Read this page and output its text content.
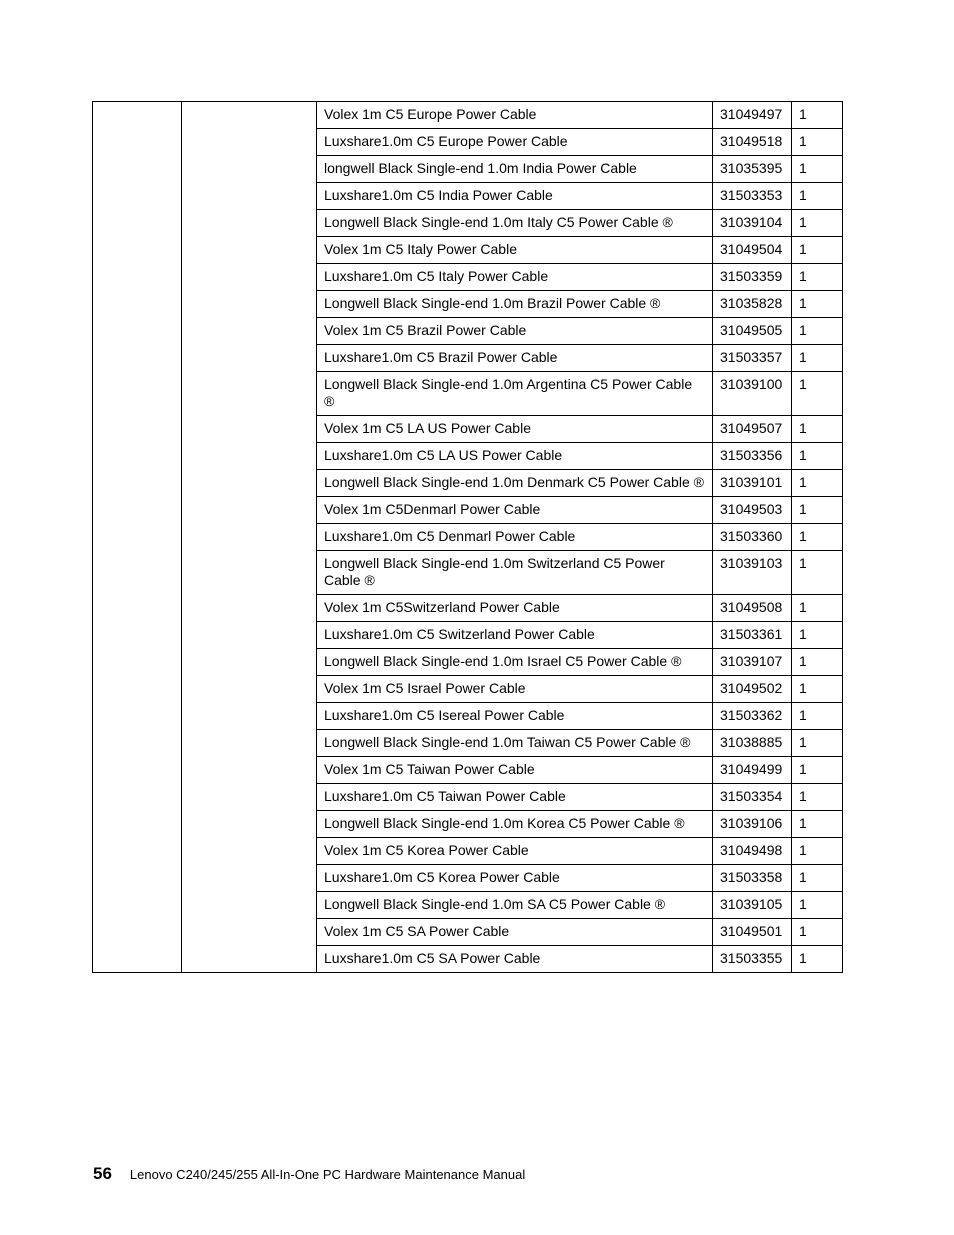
		Volex 1m C5 Europe Power Cable	31049497	1
		Luxshare1.0m C5 Europe Power Cable	31049518	1
		longwell Black Single-end 1.0m India Power Cable	31035395	1
		Luxshare1.0m C5 India Power Cable	31503353	1
		Longwell Black Single-end 1.0m Italy C5 Power Cable ®	31039104	1
		Volex 1m C5 Italy Power Cable	31049504	1
		Luxshare1.0m C5 Italy Power Cable	31503359	1
		Longwell Black Single-end 1.0m Brazil Power Cable ®	31035828	1
		Volex 1m C5 Brazil Power Cable	31049505	1
		Luxshare1.0m C5 Brazil Power Cable	31503357	1
		Longwell Black Single-end 1.0m Argentina C5 Power Cable ®	31039100	1
		Volex 1m C5 LA US Power Cable	31049507	1
		Luxshare1.0m C5 LA US Power Cable	31503356	1
		Longwell Black Single-end 1.0m Denmark C5 Power Cable ®	31039101	1
		Volex 1m C5Denmarl Power Cable	31049503	1
		Luxshare1.0m C5 Denmarl Power Cable	31503360	1
		Longwell Black Single-end 1.0m Switzerland C5 Power Cable ®	31039103	1
		Volex 1m C5Switzerland Power Cable	31049508	1
		Luxshare1.0m C5 Switzerland Power Cable	31503361	1
		Longwell Black Single-end 1.0m Israel C5 Power Cable ®	31039107	1
		Volex 1m C5 Israel Power Cable	31049502	1
		Luxshare1.0m C5 Isereal Power Cable	31503362	1
		Longwell Black Single-end 1.0m Taiwan C5 Power Cable ®	31038885	1
		Volex 1m C5 Taiwan Power Cable	31049499	1
		Luxshare1.0m C5 Taiwan Power Cable	31503354	1
		Longwell Black Single-end 1.0m Korea C5 Power Cable ®	31039106	1
		Volex 1m C5 Korea Power Cable	31049498	1
		Luxshare1.0m C5 Korea Power Cable	31503358	1
		Longwell Black Single-end 1.0m SA C5 Power Cable ®	31039105	1
		Volex 1m C5 SA Power Cable	31049501	1
		Luxshare1.0m C5 SA Power Cable	31503355	1
56 Lenovo C240/245/255 All-In-One PC Hardware Maintenance Manual
